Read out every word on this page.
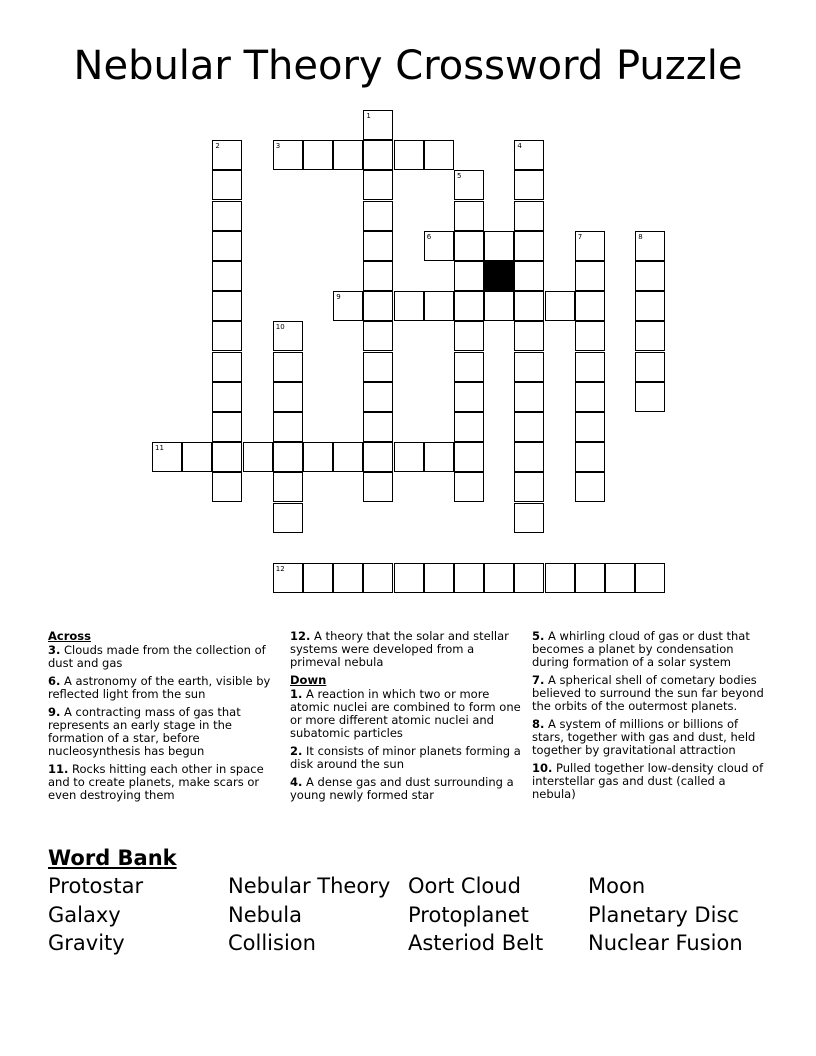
Nebular Theory Crossword Puzzle
3
6
9
11
12
1
2	4
5
7	8
10
Across
3. Clouds made from the collection of dust and gas
6. A astronomy of the earth, visible by reflected light from the sun
9. A contracting mass of gas that represents an early stage in the formation of a star, before nucleosynthesis has begun
11. Rocks hitting each other in space and to create planets, make scars or even destroying them
12. A theory that the solar and stellar systems were developed from a primeval nebula
Down
1. A reaction in which two or more atomic nuclei are combined to form one or more different atomic nuclei and subatomic particles
2. It consists of minor planets forming a disk around the sun
4. A dense gas and dust surrounding a young newly formed star
5. A whirling cloud of gas or dust that becomes a planet by condensation during formation of a solar system
7. A spherical shell of cometary bodies believed to surround the sun far beyond the orbits of the outermost planets.
8. A system of millions or billions of stars, together with gas and dust, held together by gravitational attraction
10. Pulled together low-density cloud of interstellar gas and dust (called a nebula)
Word Bank
Protostar
Galaxy
Gravity
Nebular Theory
Nebula
Collision
Oort Cloud
Protoplanet
Asteriod Belt
Moon
Planetary Disc
Nuclear Fusion
